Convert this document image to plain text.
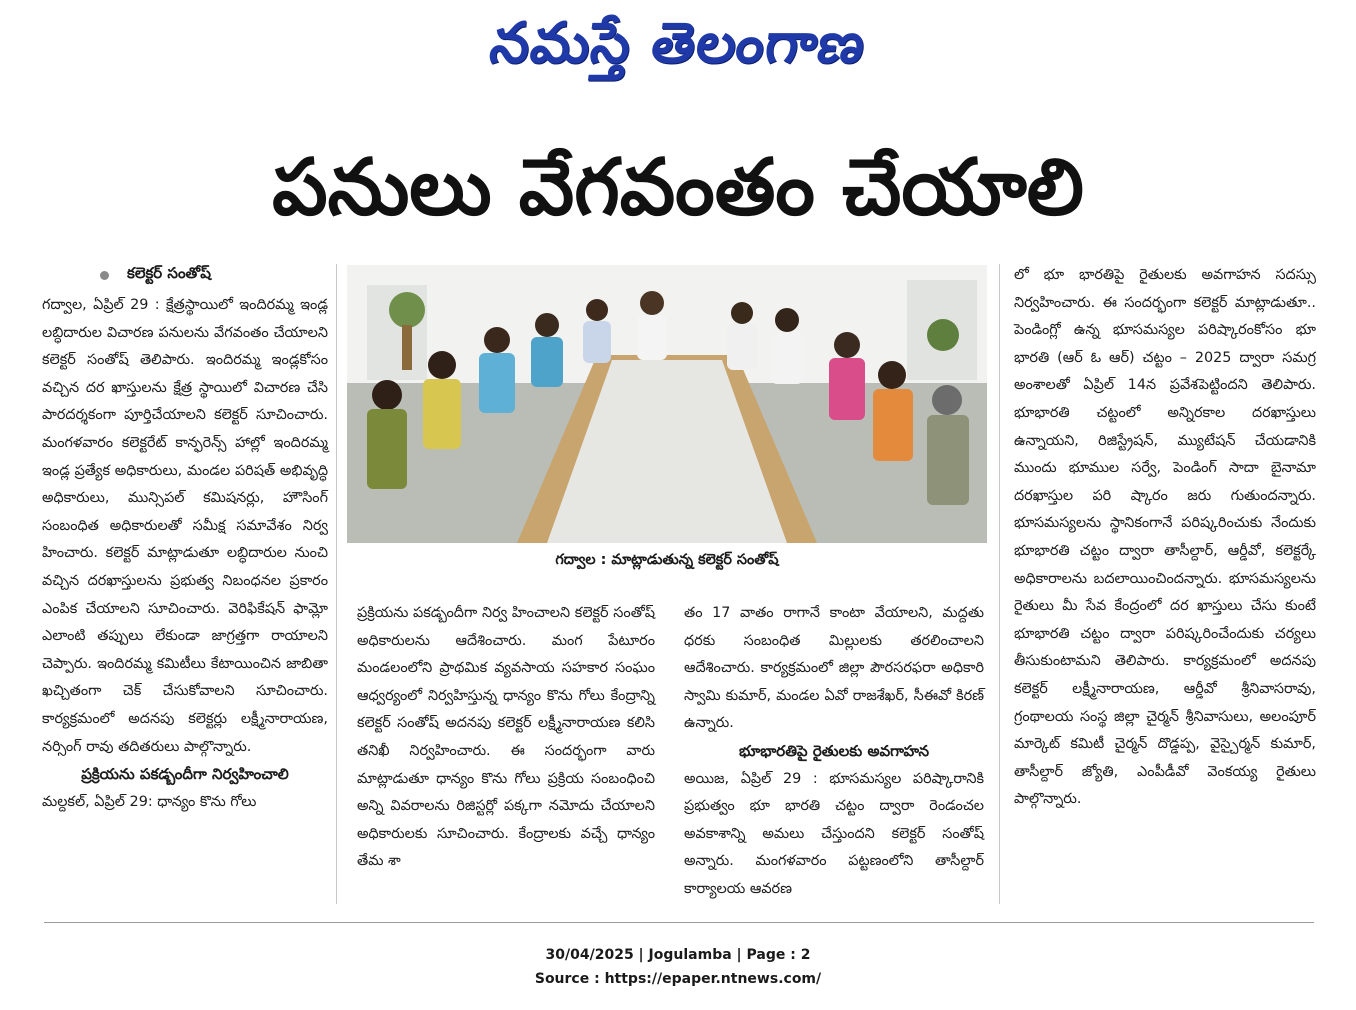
నమస్తే తెలంగాణ
పనులు వేగవంతం చేయాలి
కలెక్టర్ సంతోష్

గద్వాల, ఏప్రిల్ 29 : క్షేత్రస్థాయిలో ఇందిరమ్మ ఇండ్ల లబ్ధిదారుల విచారణ పనులను వేగవంతం చేయాలని కలెక్టర్ సంతోష్ తెలిపారు. ఇందిరమ్మ ఇండ్లకోసం వచ్చిన దర ఖాస్తులను క్షేత్ర స్థాయిలో విచారణ చేసి పారదర్శకంగా పూర్తిచేయాలని కలెక్టర్ సూచించారు. మంగళవారం కలెక్టరేట్ కాన్ఫరెన్స్ హాల్లో ఇందిరమ్మ ఇండ్ల ప్రత్యేక అధికారులు, మండల పరిషత్ అభివృద్ధి అధికారులు, మున్సిపల్ కమిషనర్లు, హౌసింగ్ సంబంధిత అధికారులతో సమీక్ష సమావేశం నిర్వ హించారు. కలెక్టర్ మాట్లాడుతూ లబ్ధిదారుల నుంచి వచ్చిన దరఖాస్తులను ప్రభుత్వ నిబంధనల ప్రకారం ఎంపిక చేయాలని సూచించారు. వెరిఫికేషన్ ఫామ్లో ఎలాంటి తప్పులు లేకుండా జాగ్రత్తగా రాయాలని చెప్పారు. ఇందిరమ్మ కమిటీలు కేటాయించిన జాబితా ఖచ్చితంగా చెక్ చేసుకోవాలని సూచించారు. కార్యక్రమంలో అదనపు కలెక్టర్లు లక్ష్మీనారాయణ, నర్సింగ్ రావు తదితరులు పాల్గొన్నారు.

ప్రక్రియను పకడ్బందీగా నిర్వహించాలి

మల్దకల్, ఏప్రిల్ 29: ధాన్యం కొను గోలు

గద్వాల : మాట్లాడుతున్న కలెక్టర్ సంతోష్

ప్రక్రియను పకడ్బందీగా నిర్వ హించాలని కలెక్టర్ సంతోష్ అధికారులను ఆదేశించారు. మంగ పేటూరం మండలంలోని ప్రాథమిక వ్యవసాయ సహకార సంఘం ఆధ్వర్యంలో నిర్వహిస్తున్న ధాన్యం కొను గోలు కేంద్రాన్ని కలెక్టర్ సంతోష్ అదనపు కలెక్టర్ లక్ష్మీనారాయణ కలిసి తనిఖీ నిర్వహించారు. ఈ సందర్భంగా వారు మాట్లాడుతూ ధాన్యం కొను గోలు ప్రక్రియ సంబంధించి అన్ని వివరాలను రిజిస్టర్లో పక్కగా నమోదు చేయాలని అధికారులకు సూచించారు. కేంద్రాలకు వచ్చే ధాన్యం తేమ శా

తం 17 వాతం రాగానే కాంటా వేయాలని, మద్దతు ధరకు సంబంధిత మిల్లులకు తరలించాలని ఆదేశించారు. కార్యక్రమంలో జిల్లా పౌరసరఫరా అధికారి స్వామి కుమార్, మండల ఏవో రాజశేఖర్, సీఈవో కిరణ్ ఉన్నారు.

భూభారతిపై రైతులకు అవగాహన

అయిజ, ఏప్రిల్ 29 : భూసమస్యల పరిష్కారానికి ప్రభుత్వం భూ భారతి చట్టం ద్వారా రెండంచల అవకాశాన్ని అమలు చేస్తుందని కలెక్టర్ సంతోష్ అన్నారు. మంగళవారం పట్టణంలోని తాసీల్దార్ కార్యాలయ ఆవరణ

లో భూ భారతిపై రైతులకు అవగాహన సదస్సు నిర్వహించారు. ఈ సందర్భంగా కలెక్టర్ మాట్లాడుతూ.. పెండింగ్లో ఉన్న భూసమస్యల పరిష్కారంకోసం భూ భారతి (ఆర్ ఓ ఆర్) చట్టం – 2025 ద్వారా సమగ్ర అంశాలతో ఏప్రిల్ 14న ప్రవేశపెట్టిందని తెలిపారు. భూభారతి చట్టంలో అన్నిరకాల దరఖాస్తులు ఉన్నాయని, రిజిస్ట్రేషన్, మ్యుటేషన్ చేయడానికి ముందు భూముల సర్వే, పెండింగ్ సాదా బైనామా దరఖాస్తుల పరి ష్కారం జరు గుతుందన్నారు. భూసమస్యలను స్థానికంగానే పరిష్కరించుకు నేందుకు భూభారతి చట్టం ద్వారా తాసీల్దార్, ఆర్డీవో, కలెక్టర్కే అధికారాలను బదలాయించిందన్నారు. భూసమస్యలను రైతులు మీ సేవ కేంద్రంలో దర ఖాస్తులు చేసు కుంటే భూభారతి చట్టం ద్వారా పరిష్కరించేందుకు చర్యలు తీసుకుంటామని తెలిపారు. కార్యక్రమంలో అదనపు కలెక్టర్ లక్ష్మీనారాయణ, ఆర్డీవో శ్రీనివాసరావు, గ్రంథాలయ సంస్థ జిల్లా చైర్మన్ శ్రీనివాసులు, అలంపూర్ మార్కెట్ కమిటీ చైర్మన్ దొడ్డప్ప, వైస్చైర్మన్ కుమార్, తాసీల్దార్ జ్యోతి, ఎంపీడీవో వెంకయ్య రైతులు పాల్గొన్నారు.

30/04/2025 | Jogulamba | Page : 2
Source : https://epaper.ntnews.com/
